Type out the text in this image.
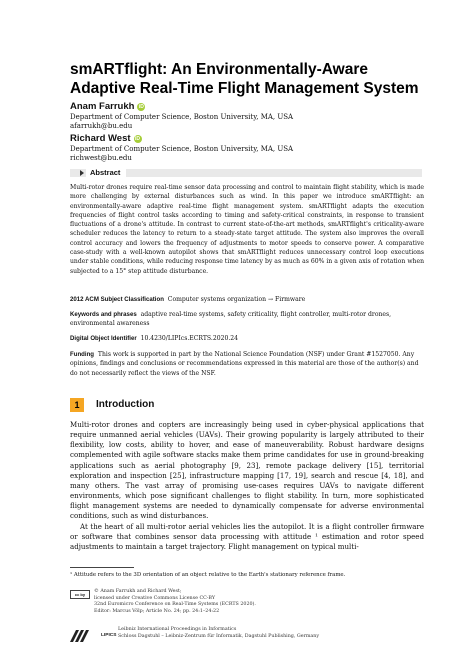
smARTflight: An Environmentally-Aware
Adaptive Real-Time Flight Management System
Anam Farrukh iD
Department of Computer Science, Boston University, MA, USA
afarrukh@bu.edu
Richard West iD
Department of Computer Science, Boston University, MA, USA
richwest@bu.edu
Abstract
Multi-rotor drones require real-time sensor data processing and control to maintain flight stability, which is made more challenging by external disturbances such as wind. In this paper we introduce smARTflight: an environmentally-aware adaptive real-time flight management system. smARTflight adapts the execution frequencies of flight control tasks according to timing and safety-critical constraints, in response to transient fluctuations of a drone's attitude. In contrast to current state-of-the-art methods, smARTflight's criticality-aware scheduler reduces the latency to return to a steady-state target attitude. The system also improves the overall control accuracy and lowers the frequency of adjustments to motor speeds to conserve power. A comparative case-study with a well-known autopilot shows that smARTflight reduces unnecessary control loop executions under stable conditions, while reducing response time latency by as much as 60% in a given axis of rotation when subjected to a 15° step attitude disturbance.
2012 ACM Subject Classification Computer systems organization → Firmware
Keywords and phrases adaptive real-time systems, safety criticality, flight controller, multi-rotor drones, environmental awareness
Digital Object Identifier 10.4230/LIPIcs.ECRTS.2020.24
Funding This work is supported in part by the National Science Foundation (NSF) under Grant #1527050. Any opinions, findings and conclusions or recommendations expressed in this material are those of the author(s) and do not necessarily reflect the views of the NSF.
1	Introduction

Multi-rotor drones and copters are increasingly being used in cyber-physical applications that require unmanned aerial vehicles (UAVs). Their growing popularity is largely attributed to their flexibility, low costs, ability to hover, and ease of maneuverability. Robust hardware designs complemented with agile software stacks make them prime candidates for use in ground-breaking applications such as aerial photography [9, 23], remote package delivery [15], territorial exploration and inspection [25], infrastructure mapping [17, 19], search and rescue [4, 18], and many others. The vast array of promising use-cases requires UAVs to navigate different environments, which pose significant challenges to flight stability. In turn, more sophisticated flight management systems are needed to dynamically compensate for adverse environmental conditions, such as wind disturbances.

At the heart of all multi-rotor aerial vehicles lies the autopilot. It is a flight controller firmware or software that combines sensor data processing with attitude ¹ estimation and rotor speed adjustments to maintain a target trajectory. Flight management on typical multi-

¹ Attitude refers to the 3D orientation of an object relative to the Earth's stationary reference frame.
cc by
© Anam Farrukh and Richard West;
licensed under Creative Commons License CC-BY
32nd Euromicro Conference on Real-Time Systems (ECRTS 2020).
Editor: Marcus Völp; Article No. 24; pp. 24:1–24:22
LIPICS
Leibniz International Proceedings in Informatics
Schloss Dagstuhl – Leibniz-Zentrum für Informatik, Dagstuhl Publishing, Germany
